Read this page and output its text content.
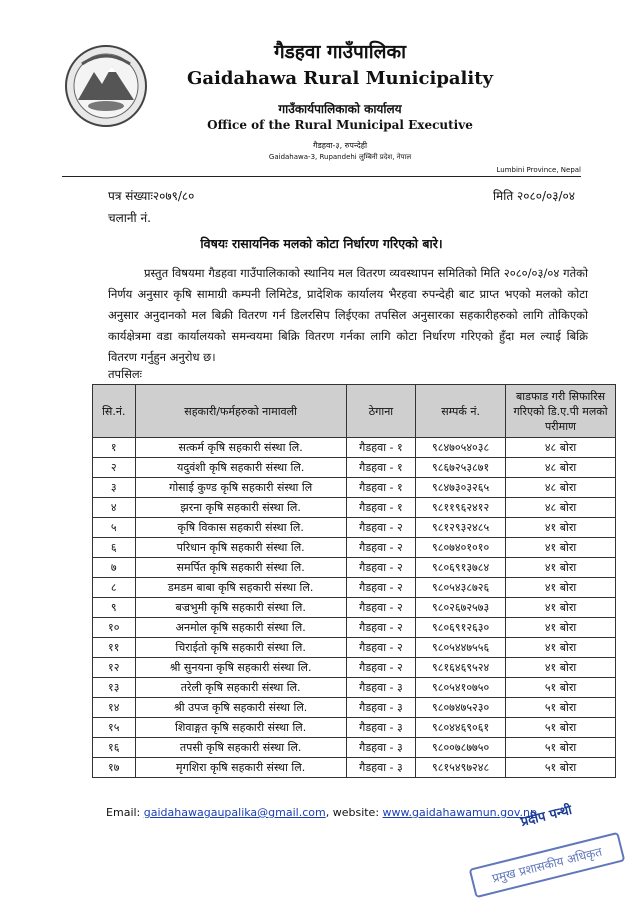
गैडहवा गाउँपालिका
Gaidahawa Rural Municipality
गाउँकार्यपालिकाको कार्यालय
Office of the Rural Municipal Executive
गैडहवा-३, रुपन्देही
Gaidahawa-3, Rupandehi लुम्बिनी प्रदेश, नेपाल
Lumbini Province, Nepal
पत्र संख्याः२०७९/८०	मिति २०८०/०३/०४
चलानी नं.
विषयः रासायनिक मलको कोटा निर्धारण गरिएको बारे।
प्रस्तुत विषयमा गैडहवा गाउँपालिकाको स्थानिय मल वितरण व्यवस्थापन समितिको मिति २०८०/०३/०४ गतेको निर्णय अनुसार कृषि सामाग्री कम्पनी लिमिटेड, प्रादेशिक कार्यालय भैरहवा रुपन्देही बाट प्राप्त भएको मलको कोटा अनुसार अनुदानको मल बिक्री वितरण गर्न डिलरसिप लिईएका तपसिल अनुसारका सहकारीहरुको लागि तोकिएको कार्यक्षेत्रमा वडा कार्यालयको समन्वयमा बिक्रि वितरण गर्नका लागि कोटा निर्धारण गरिएको हुँदा मल ल्याई बिक्रि वितरण गर्नुहुन अनुरोध छ।
तपसिलः
सि.नं.	सहकारी/फर्महरुको नामावली	ठेगाना	सम्पर्क नं.	बाडफाड गरी सिफारिस गरिएको डि.ए.पी मलको परीमाण
१	सत्कर्म कृषि सहकारी संस्था लि.	गैडहवा - १	९८४७०५४०३८	४८ बोरा
२	यदुवंशी कृषि सहकारी संस्था लि.	गैडहवा - १	९८६७२५३८७१	४८ बोरा
३	गोसाई कुण्ड कृषि सहकारी संस्था लि	गैडहवा - १	९८४७३०३२६५	४८ बोरा
४	झरना कृषि सहकारी संस्था लि.	गैडहवा - १	९८११९६२४१२	४८ बोरा
५	कृषि विकास सहकारी संस्था लि.	गैडहवा - २	९८१२९३२४८५	४१ बोरा
६	परिधान कृषि सहकारी संस्था लि.	गैडहवा - २	९८०७४०१०१०	४१ बोरा
७	समर्पित कृषि सहकारी संस्था लि.	गैडहवा - २	९८०६९१३७८४	४१ बोरा
८	डमडम बाबा कृषि सहकारी संस्था लि.	गैडहवा - २	९८०५४३८७२६	४१ बोरा
९	बज्रभुमी कृषि सहकारी संस्था लि.	गैडहवा - २	९८०२६७२५७३	४१ बोरा
१०	अनमोल कृषि सहकारी संस्था लि.	गैडहवा - २	९८०६९१२६३०	४१ बोरा
११	चिराईतो कृषि सहकारी संस्था लि.	गैडहवा - २	९८०५४४७५५६	४१ बोरा
१२	श्री सुनयना कृषि सहकारी संस्था लि.	गैडहवा - २	९८१६४६९५२४	४१ बोरा
१३	तरेली कृषि सहकारी संस्था लि.	गैडहवा - ३	९८०५४१०७५०	५१ बोरा
१४	श्री उपज कृषि सहकारी संस्था लि.	गैडहवा - ३	९८०७४७५२३०	५१ बोरा
१५	शिवाङ्गत कृषि सहकारी संस्था लि.	गैडहवा - ३	९८०४४६९०६१	५१ बोरा
१६	तपसी कृषि सहकारी संस्था लि.	गैडहवा - ३	९८००७८७७५०	५१ बोरा
१७	मृगशिरा कृषि सहकारी संस्था लि.	गैडहवा - ३	९८१५४९७२४८	५१ बोरा
Email: gaidahawagaupalika@gmail.com, website: www.gaidahawamun.gov.np
प्रदीप पन्थी
प्रमुख प्रशासकीय अधिकृत
